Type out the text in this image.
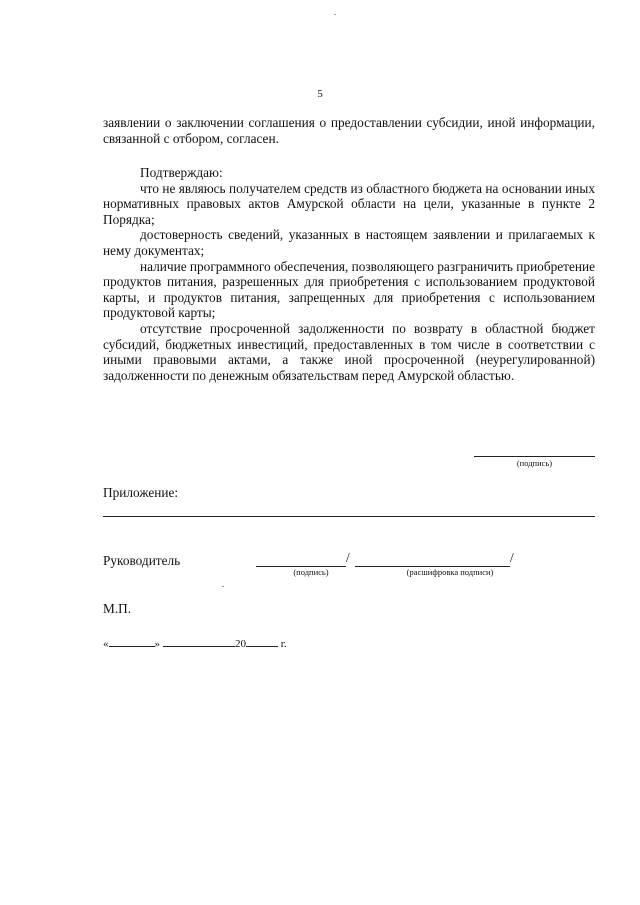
5

заявлении о заключении соглашения о предоставлении субсидии, иной информации, связанной с отбором, согласен.

Подтверждаю:

что не являюсь получателем средств из областного бюджета на основании иных нормативных правовых актов Амурской области на цели, указанные в пункте 2 Порядка;

достоверность сведений, указанных в настоящем заявлении и прилагаемых к нему документах;

наличие программного обеспечения, позволяющего разграничить приобретение продуктов питания, разрешенных для приобретения с использованием продуктовой карты, и продуктов питания, запрещенных для приобретения с использованием продуктовой карты;

отсутствие просроченной задолженности по возврату в областной бюджет субсидий, бюджетных инвестиций, предоставленных в том числе в соответствии с иными правовыми актами, а также иной просроченной (неурегулированной) задолженности по денежным обязательствам перед Амурской областью.

(подпись)
Приложение:
Руководитель	/	/
(подпись)	(расшифровка подписи)
М.П.
«	»	20	г.
